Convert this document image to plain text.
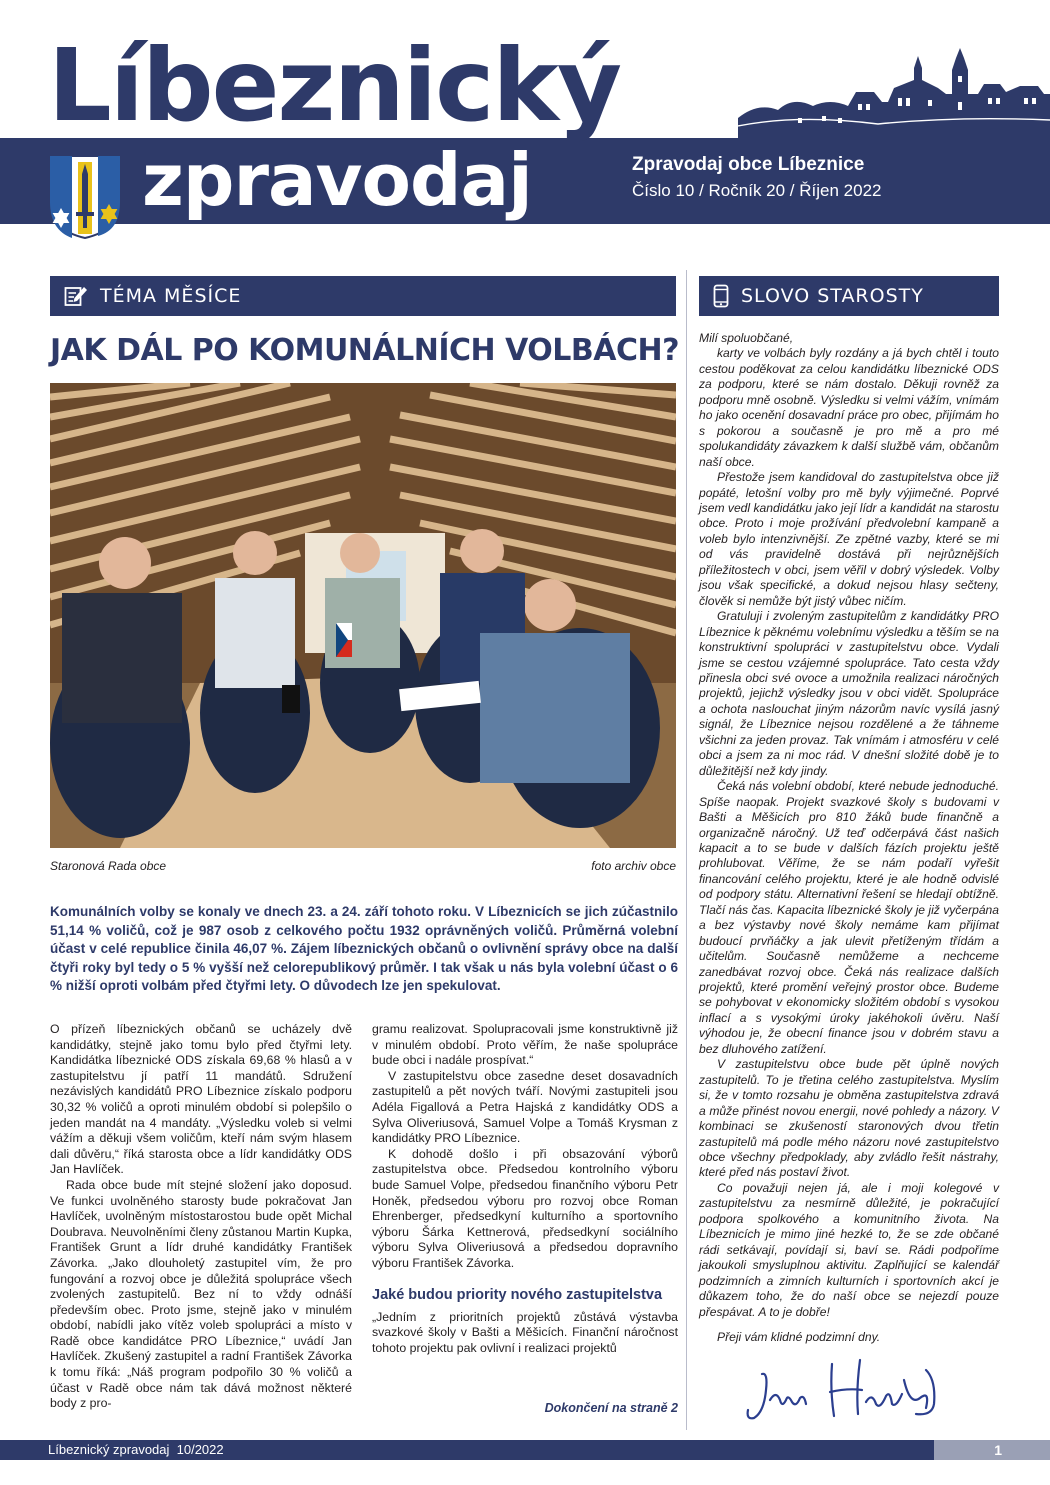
Líbeznický
zpravodaj	Zpravodaj obce Líbeznice
Číslo 10 / Ročník 20 / Říjen 2022
TÉMA MĚSÍCE	SLOVO STAROSTY
JAK DÁL PO KOMUNÁLNÍCH VOLBÁCH?
Staronová Rada obce	foto archiv obce

Komunálních volby se konaly ve dnech 23. a 24. září tohoto roku. V Líbeznicích se jich zúčastnilo 51,14 % voličů, což je 987 osob z celkového počtu 1932 oprávněných voličů. Průměrná volební účast v celé republice činila 46,07 %. Zájem líbeznických občanů o ovlivnění správy obce na další čtyři roky byl tedy o 5 % vyšší než celorepublikový průměr. I tak však u nás byla volební účast o 6 % nižší oproti volbám před čtyřmi lety. O důvodech lze jen spekulovat.

O přízeň líbeznických občanů se ucházely dvě kandidátky, stejně jako tomu bylo před čtyřmi lety. Kandidátka líbeznické ODS získala 69,68 % hlasů a v zastupitelstvu jí patří 11 mandátů. Sdružení nezávislých kandidátů PRO Líbeznice získalo podporu 30,32 % voličů a oproti minulém období si polepšilo o jeden mandát na 4 mandáty. „Výsledku voleb si velmi vážím a děkuji všem voličům, kteří nám svým hlasem dali důvěru,“ říká starosta obce a lídr kandidátky ODS Jan Havlíček.

Rada obce bude mít stejné složení jako doposud. Ve funkci uvolněného starosty bude pokračovat Jan Havlíček, uvolněným místostarostou bude opět Michal Doubrava. Neuvolněními členy zůstanou Martin Kupka, František Grunt a lídr druhé kandidátky František Závorka. „Jako dlouholetý zastupitel vím, že pro fungování a rozvoj obce je důležitá spolupráce všech zvolených zastupitelů. Bez ní to vždy odnáší především obec. Proto jsme, stejně jako v minulém období, nabídli jako vítěz voleb spolupráci a místo v Radě obce kandidátce PRO Líbeznice,“ uvádí Jan Havlíček. Zkušený zastupitel a radní František Závorka k tomu říká: „Náš program podpořilo 30 % voličů a účast v Radě obce nám tak dává možnost některé body z pro-

gramu realizovat. Spolupracovali jsme konstruktivně již v minulém období. Proto věřím, že naše spolupráce bude obci i nadále prospívat.“

V zastupitelstvu obce zasedne deset dosavadních zastupitelů a pět nových tváří. Novými zastupiteli jsou Adéla Figallová a Petra Hajská z kandidátky ODS a Sylva Oliveriusová, Samuel Volpe a Tomáš Krysman z kandidátky PRO Líbeznice.

K dohodě došlo i při obsazování výborů zastupitelstva obce. Předsedou kontrolního výboru bude Samuel Volpe, předsedou finančního výboru Petr Honěk, předsedou výboru pro rozvoj obce Roman Ehrenberger, předsedkyní kulturního a sportovního výboru Šárka Kettnerová, předsedkyní sociálního výboru Sylva Oliveriusová a předsedou dopravního výboru František Závorka.

Jaké budou priority nového zastupitelstva

„Jedním z prioritních projektů zůstává výstavba svazkové školy v Bašti a Měšicích. Finanční náročnost tohoto projektu pak ovlivní i realizaci projektů

Dokončení na straně 2

Milí spoluobčané,

karty ve volbách byly rozdány a já bych chtěl i touto cestou poděkovat za celou kandidátku líbeznické ODS za podporu, které se nám dostalo. Děkuji rovněž za podporu mně osobně. Výsledku si velmi vážím, vnímám ho jako ocenění dosavadní práce pro obec, přijímám ho s pokorou a současně je pro mě a pro mé spolukandidáty závazkem k další službě vám, občanům naší obce.

Přestože jsem kandidoval do zastupitelstva obce již popáté, letošní volby pro mě byly výjimečné. Poprvé jsem vedl kandidátku jako její lídr a kandidát na starostu obce. Proto i moje prožívání předvolební kampaně a voleb bylo intenzivnější. Ze zpětné vazby, které se mi od vás pravidelně dostává při nejrůznějších příležitostech v obci, jsem věřil v dobrý výsledek. Volby jsou však specifické, a dokud nejsou hlasy sečteny, člověk si nemůže být jistý vůbec ničím.

Gratuluji i zvoleným zastupitelům z kandidátky PRO Líbeznice k pěknému volebnímu výsledku a těším se na konstruktivní spolupráci v zastupitelstvu obce. Vydali jsme se cestou vzájemné spolupráce. Tato cesta vždy přinesla obci své ovoce a umožnila realizaci náročných projektů, jejichž výsledky jsou v obci vidět. Spolupráce a ochota naslouchat jiným názorům navíc vysílá jasný signál, že Líbeznice nejsou rozdělené a že táhneme všichni za jeden provaz. Tak vnímám i atmosféru v celé obci a jsem za ni moc rád. V dnešní složité době je to důležitější než kdy jindy.

Čeká nás volební období, které nebude jednoduché. Spíše naopak. Projekt svazkové školy s budovami v Bašti a Měšicích pro 810 žáků bude finančně a organizačně náročný. Už teď odčerpává část našich kapacit a to se bude v dalších fázích projektu ještě prohlubovat. Věříme, že se nám podaří vyřešit financování celého projektu, které je ale hodně odvislé od podpory státu. Alternativní řešení se hledají obtížně. Tlačí nás čas. Kapacita líbeznické školy je již vyčerpána a bez výstavby nové školy nemáme kam přijímat budoucí prvňáčky a jak ulevit přetíženým třídám a učitelům. Současně nemůžeme a nechceme zanedbávat rozvoj obce. Čeká nás realizace dalších projektů, které promění veřejný prostor obce. Budeme se pohybovat v ekonomicky složitém období s vysokou inflací a s vysokými úroky jakéhokoli úvěru. Naší výhodou je, že obecní finance jsou v dobrém stavu a bez dluhového zatížení.

V zastupitelstvu obce bude pět úplně nových zastupitelů. To je třetina celého zastupitelstva. Myslím si, že v tomto rozsahu je obměna zastupitelstva zdravá a může přinést novou energii, nové pohledy a názory. V kombinaci se zkušeností staronových dvou třetin zastupitelů má podle mého názoru nové zastupitelstvo obce všechny předpoklady, aby zvládlo řešit nástrahy, které před nás postaví život.

Co považuji nejen já, ale i moji kolegové v zastupitelstvu za nesmírně důležité, je pokračující podpora spolkového a komunitního života. Na Líbeznicích je mimo jiné hezké to, že se zde občané rádi setkávají, povídají si, baví se. Rádi podpoříme jakoukoli smysluplnou aktivitu. Zaplňující se kalendář podzimních a zimních kulturních i sportovních akcí je důkazem toho, že do naší obce se nejezdí pouze přespávat. A to je dobře!

Přeji vám klidné podzimní dny.

Líbeznický zpravodaj  10/2022	1
